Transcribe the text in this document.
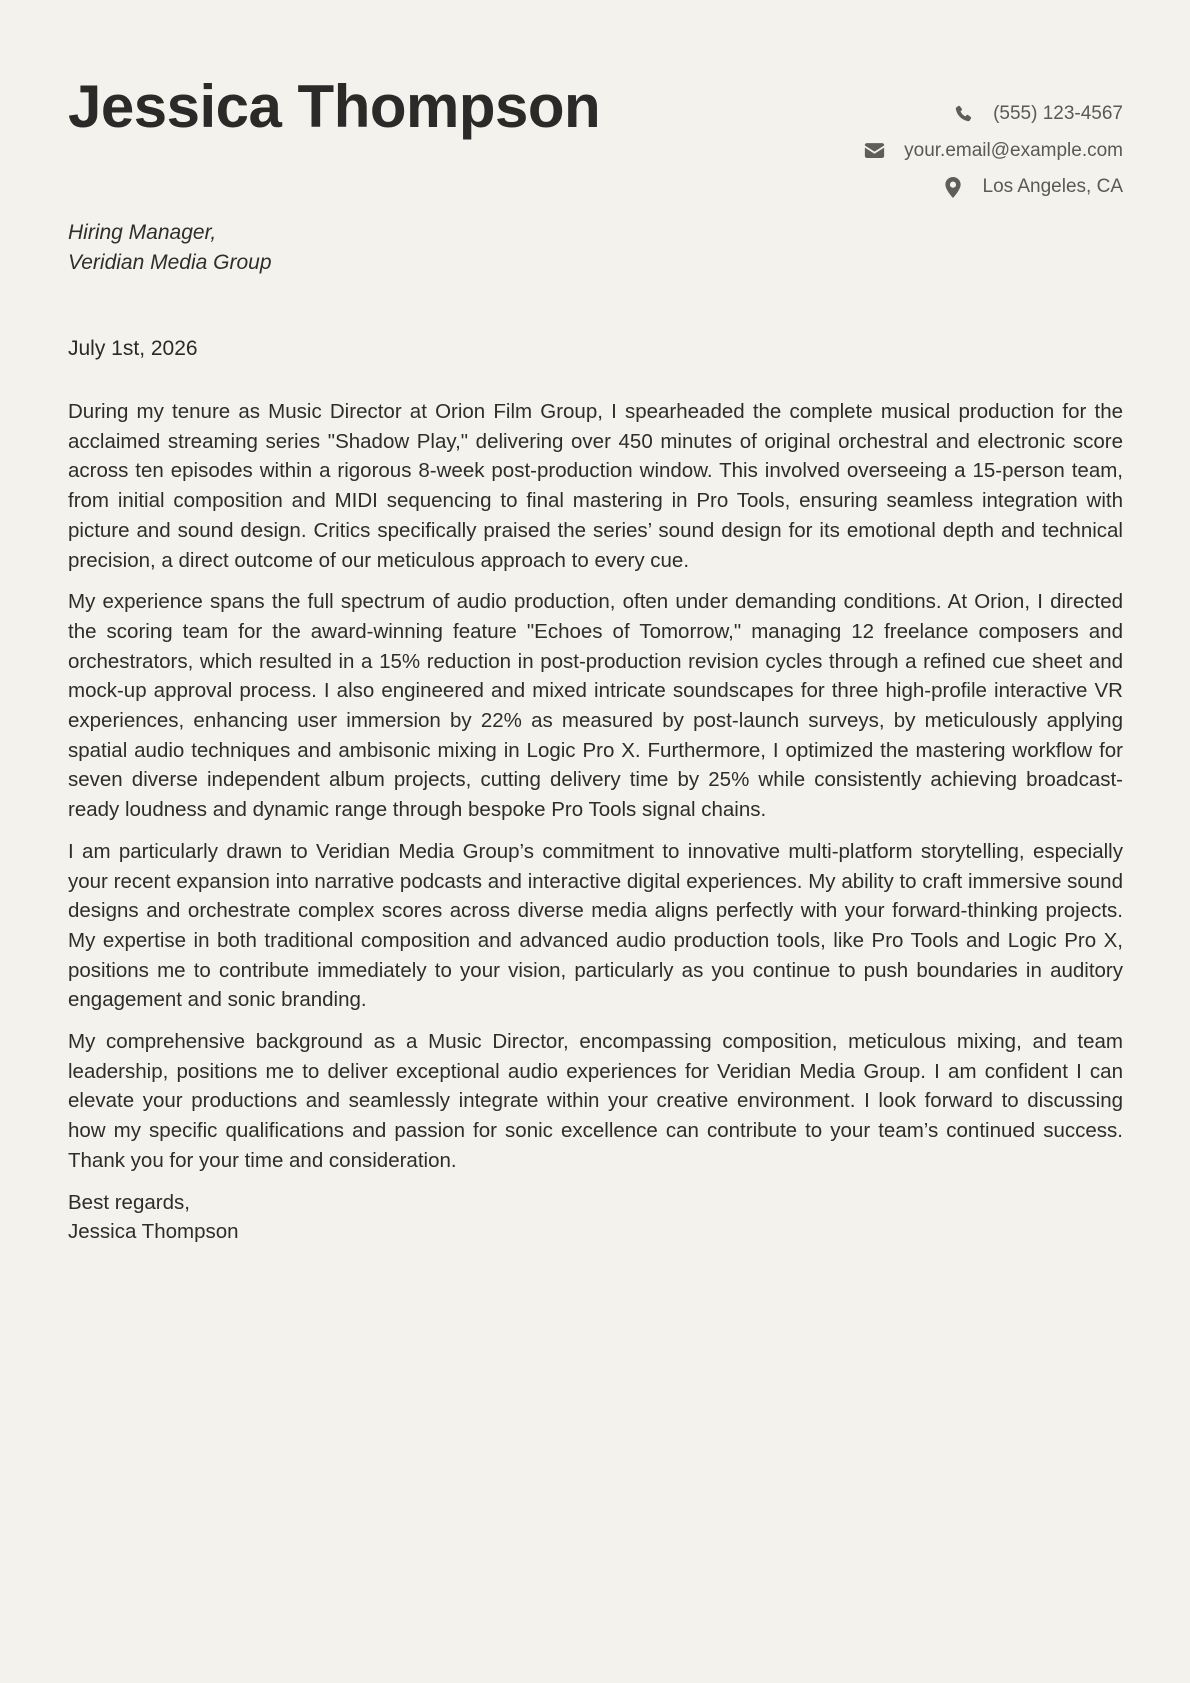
Jessica Thompson	(555) 123-4567
your.email@example.com
Los Angeles, CA
Hiring Manager,
Veridian Media Group
July 1st, 2026

During my tenure as Music Director at Orion Film Group, I spearheaded the complete musical production for the acclaimed streaming series "Shadow Play," delivering over 450 minutes of original orchestral and electronic score across ten episodes within a rigorous 8-week post-production window. This involved overseeing a 15-person team, from initial composition and MIDI sequencing to final mastering in Pro Tools, ensuring seamless integration with picture and sound design. Critics specifically praised the series’ sound design for its emotional depth and technical precision, a direct outcome of our meticulous approach to every cue.

My experience spans the full spectrum of audio production, often under demanding conditions. At Orion, I directed the scoring team for the award-winning feature "Echoes of Tomorrow," managing 12 freelance composers and orchestrators, which resulted in a 15% reduction in post-production revision cycles through a refined cue sheet and mock-up approval process. I also engineered and mixed intricate soundscapes for three high-profile interactive VR experiences, enhancing user immersion by 22% as measured by post-launch surveys, by meticulously applying spatial audio techniques and ambisonic mixing in Logic Pro X. Furthermore, I optimized the mastering workflow for seven diverse independent album projects, cutting delivery time by 25% while consistently achieving broadcast-ready loudness and dynamic range through bespoke Pro Tools signal chains.

I am particularly drawn to Veridian Media Group’s commitment to innovative multi-platform storytelling, especially your recent expansion into narrative podcasts and interactive digital experiences. My ability to craft immersive sound designs and orchestrate complex scores across diverse media aligns perfectly with your forward-thinking projects. My expertise in both traditional composition and advanced audio production tools, like Pro Tools and Logic Pro X, positions me to contribute immediately to your vision, particularly as you continue to push boundaries in auditory engagement and sonic branding.

My comprehensive background as a Music Director, encompassing composition, meticulous mixing, and team leadership, positions me to deliver exceptional audio experiences for Veridian Media Group. I am confident I can elevate your productions and seamlessly integrate within your creative environment. I look forward to discussing how my specific qualifications and passion for sonic excellence can contribute to your team’s continued success. Thank you for your time and consideration.

Best regards,
Jessica Thompson
